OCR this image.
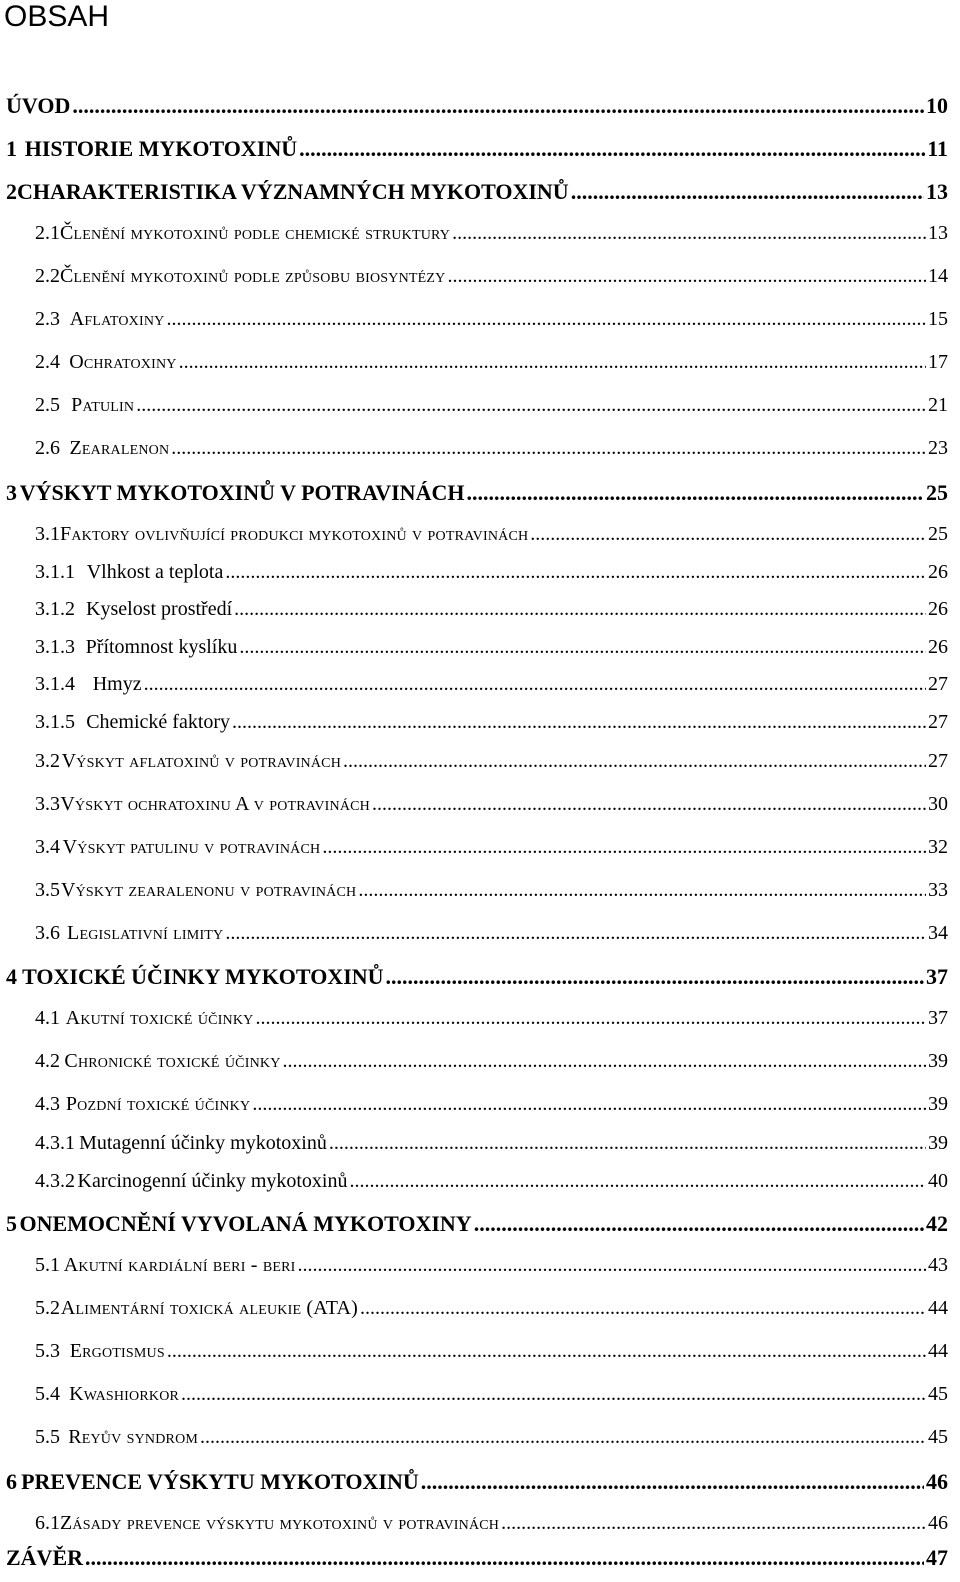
OBSAH
ÚVOD .....	10
1 HISTORIE MYKOTOXINŮ .....	11
2 CHARAKTERISTIKA VÝZNAMNÝCH MYKOTOXINŮ .....	13
2.1 Členění mykotoxinů podle chemické struktury .....	13
2.2 Členění mykotoxinů podle způsobu biosyntézy .....	14
2.3 Aflatoxiny .....	15
2.4 Ochratoxiny .....	17
2.5 Patulin .....	21
2.6 Zearalenon .....	23
3 VÝSKYT MYKOTOXINŮ V POTRAVINÁCH .....	25
3.1 Faktory ovlivňující produkci mykotoxinů v potravinách .....	25
3.1.1 Vlhkost a teplota .....	26
3.1.2 Kyselost prostředí .....	26
3.1.3 Přítomnost kyslíku .....	26
3.1.4 Hmyz .....	27
3.1.5 Chemické faktory .....	27
3.2 Výskyt aflatoxinů v potravinách .....	27
3.3 Výskyt ochratoxinu A v potravinách .....	30
3.4 Výskyt patulinu v potravinách .....	32
3.5 Výskyt zearalenonu v potravinách .....	33
3.6 Legislativní limity .....	34
4 TOXICKÉ ÚČINKY MYKOTOXINŮ .....	37
4.1 Akutní toxické účinky .....	37
4.2 Chronické toxické účinky .....	39
4.3 Pozdní toxické účinky .....	39
4.3.1 Mutagenní účinky mykotoxinů .....	39
4.3.2 Karcinogenní účinky mykotoxinů .....	40
5 ONEMOCNĚNÍ VYVOLANÁ MYKOTOXINY .....	42
5.1 Akutní kardiální beri - beri .....	43
5.2 Alimentární toxická aleukie (ATA) .....	44
5.3 Ergotismus .....	44
5.4 Kwashiorkor .....	45
5.5 Reyův syndrom .....	45
6 PREVENCE VÝSKYTU MYKOTOXINŮ .....	46
6.1 Zásady prevence výskytu mykotoxinů v potravinách .....	46
ZÁVĚR .....	47
